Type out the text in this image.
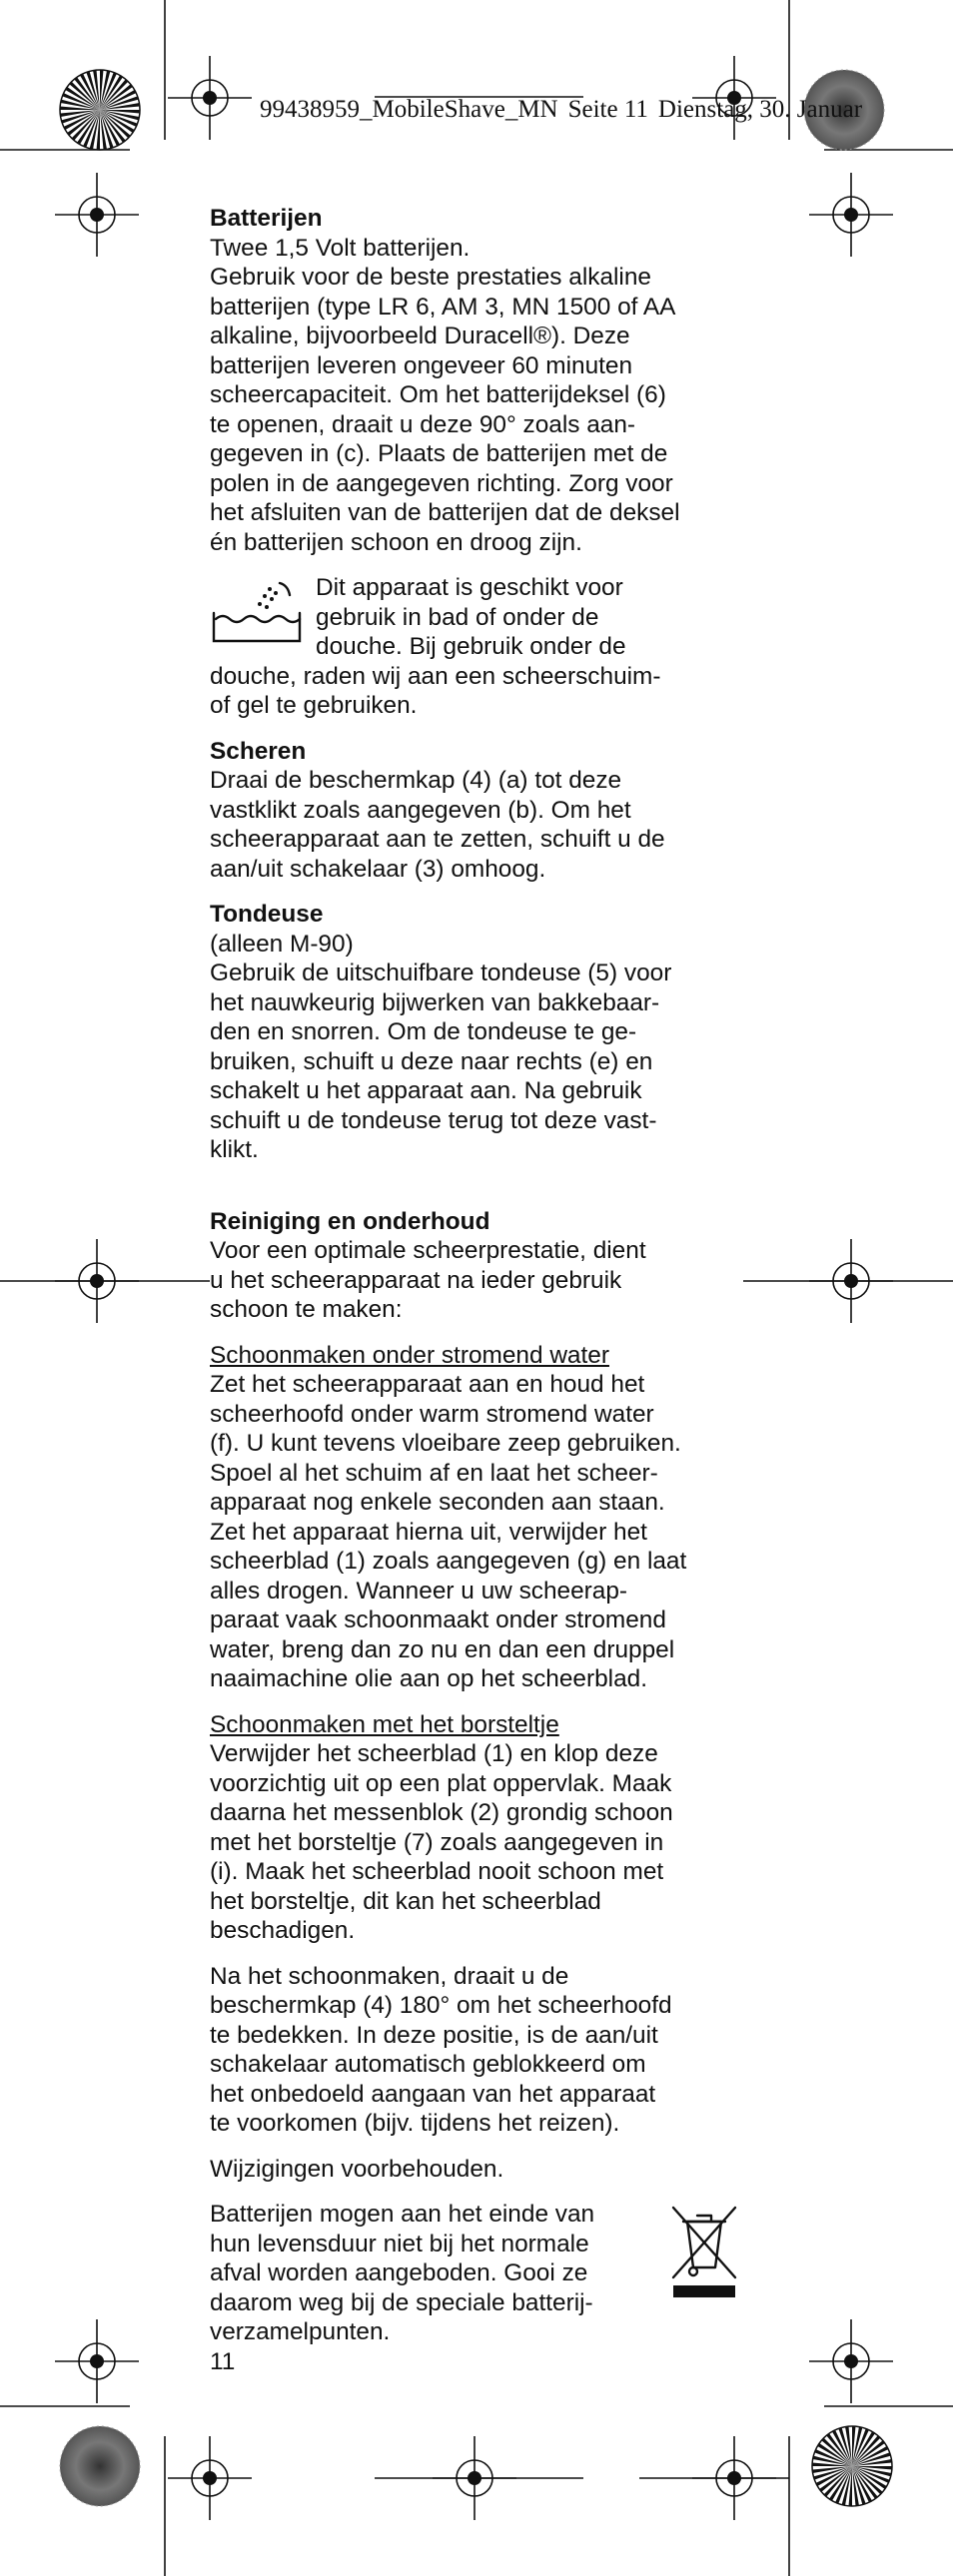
99438959_MobileShave_MN Seite 11 Dienstag, 30. Januar

Batterijen

Twee 1,5 Volt batterijen.
Gebruik voor de beste prestaties alkaline
batterijen (type LR 6, AM 3, MN 1500 of AA
alkaline, bijvoorbeeld Duracell®). Deze
batterijen leveren ongeveer 60 minuten
scheercapaciteit. Om het batterijdeksel (6)
te openen, draait u deze 90° zoals aan-
gegeven in (c). Plaats de batterijen met de
polen in de aangegeven richting. Zorg voor
het afsluiten van de batterijen dat de deksel
én batterijen schoon en droog zijn.
Dit apparaat is geschikt voor
gebruik in bad of onder de
douche. Bij gebruik onder de
douche, raden wij aan een scheerschuim-
of gel te gebruiken.

Scheren

Draai de beschermkap (4) (a) tot deze
vastklikt zoals aangegeven (b). Om het
scheerapparaat aan te zetten, schuift u de
aan/uit schakelaar (3) omhoog.

Tondeuse

(alleen M-90)
Gebruik de uitschuifbare tondeuse (5) voor
het nauwkeurig bijwerken van bakkebaar-
den en snorren. Om de tondeuse te ge-
bruiken, schuift u deze naar rechts (e) en
schakelt u het apparaat aan. Na gebruik
schuift u de tondeuse terug tot deze vast-
klikt.

Reiniging en onderhoud

Voor een optimale scheerprestatie, dient
u het scheerapparaat na ieder gebruik
schoon te maken:

Schoonmaken onder stromend water

Zet het scheerapparaat aan en houd het
scheerhoofd onder warm stromend water
(f). U kunt tevens vloeibare zeep gebruiken.
Spoel al het schuim af en laat het scheer-
apparaat nog enkele seconden aan staan.
Zet het apparaat hierna uit, verwijder het
scheerblad (1) zoals aangegeven (g) en laat
alles drogen. Wanneer u uw scheerap-
paraat vaak schoonmaakt onder stromend
water, breng dan zo nu en dan een druppel
naaimachine olie aan op het scheerblad.

Schoonmaken met het borsteltje

Verwijder het scheerblad (1) en klop deze
voorzichtig uit op een plat oppervlak. Maak
daarna het messenblok (2) grondig schoon
met het borsteltje (7) zoals aangegeven in
(i). Maak het scheerblad nooit schoon met
het borsteltje, dit kan het scheerblad
beschadigen.
Na het schoonmaken, draait u de
beschermkap (4) 180° om het scheerhoofd
te bedekken. In deze positie, is de aan/uit
schakelaar automatisch geblokkeerd om
het onbedoeld aangaan van het apparaat
te voorkomen (bijv. tijdens het reizen).

Wijzigingen voorbehouden.

Batterijen mogen aan het einde van
hun levensduur niet bij het normale
afval worden aangeboden. Gooi ze
daarom weg bij de speciale batterij-
verzamelpunten.

11
